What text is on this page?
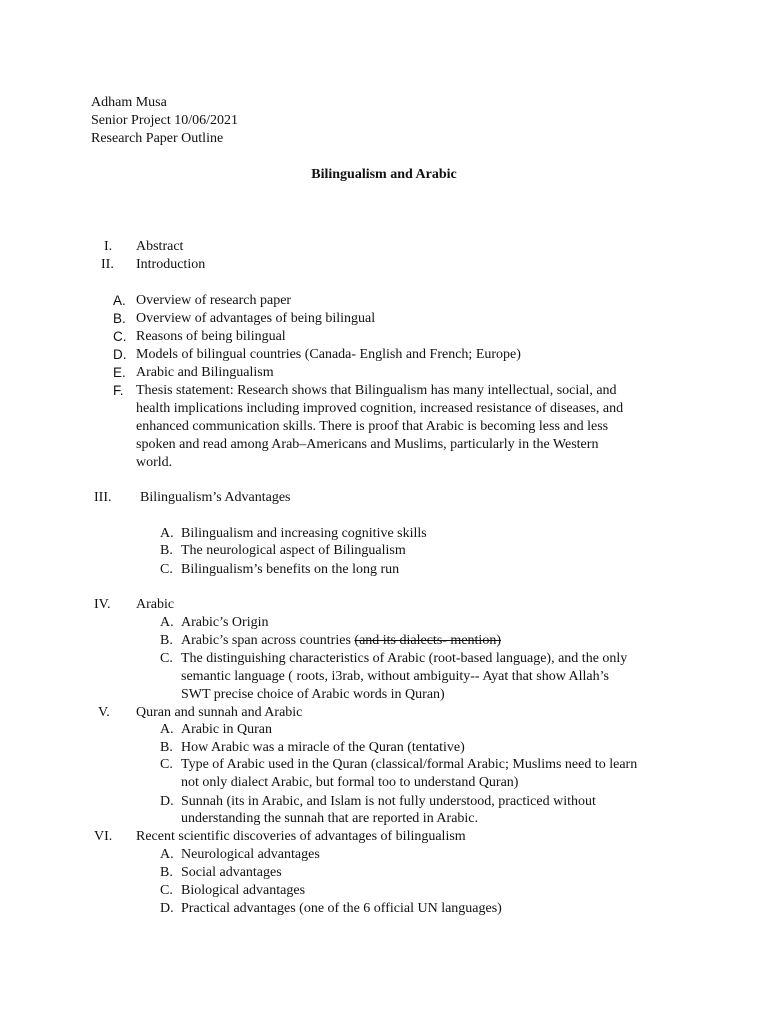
Adham Musa
Senior Project 10/06/2021
Research Paper Outline
Bilingualism and Arabic
I. Abstract
II. Introduction
A. Overview of research paper
B. Overview of advantages of being bilingual
C. Reasons of being bilingual
D. Models of bilingual countries (Canada- English and French; Europe)
E. Arabic and Bilingualism
F. Thesis statement: Research shows that Bilingualism has many intellectual, social, and
health implications including improved cognition, increased resistance of diseases, and
enhanced communication skills. There is proof that Arabic is becoming less and less
spoken and read among Arab–Americans and Muslims, particularly in the Western
world.
III. Bilingualism’s Advantages
A. Bilingualism and increasing cognitive skills
B. The neurological aspect of Bilingualism
C. Bilingualism’s benefits on the long run
IV. Arabic
A. Arabic’s Origin
B. Arabic’s span across countries (and its dialects- mention)
C. The distinguishing characteristics of Arabic (root-based language), and the only
semantic language ( roots, i3rab, without ambiguity-- Ayat that show Allah’s
SWT precise choice of Arabic words in Quran)
V. Quran and sunnah and Arabic
A. Arabic in Quran
B. How Arabic was a miracle of the Quran (tentative)
C. Type of Arabic used in the Quran (classical/formal Arabic; Muslims need to learn
not only dialect Arabic, but formal too to understand Quran)
D. Sunnah (its in Arabic, and Islam is not fully understood, practiced without
understanding the sunnah that are reported in Arabic.
VI. Recent scientific discoveries of advantages of bilingualism
A. Neurological advantages
B. Social advantages
C. Biological advantages
D. Practical advantages (one of the 6 official UN languages)
